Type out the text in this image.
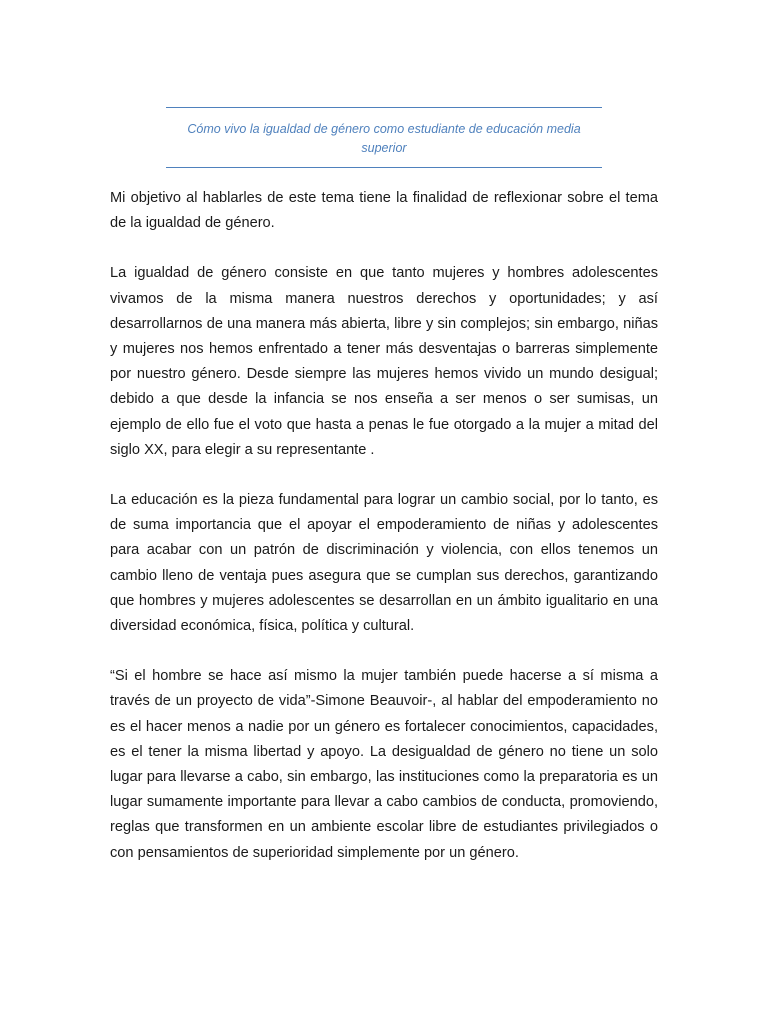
Cómo vivo la igualdad de género como estudiante de educación media superior

Mi objetivo al hablarles de este tema tiene la finalidad de reflexionar sobre el tema de la igualdad de género.

La igualdad de género consiste en que tanto mujeres y hombres adolescentes vivamos de la misma manera nuestros derechos y oportunidades; y así desarrollarnos de una manera más abierta, libre y sin complejos; sin embargo, niñas y mujeres nos hemos enfrentado a tener más desventajas o barreras simplemente por nuestro género. Desde siempre las mujeres hemos vivido un mundo desigual; debido a que desde la infancia se nos enseña a ser menos o ser sumisas, un ejemplo de ello fue el voto que hasta a penas le fue otorgado a la mujer a mitad del siglo XX, para elegir a su representante .

La educación es la pieza fundamental para lograr un cambio social, por lo tanto, es de suma importancia que el apoyar el empoderamiento de niñas y adolescentes para acabar con un patrón de discriminación y violencia, con ellos tenemos un cambio lleno de ventaja pues asegura que se cumplan sus derechos, garantizando que hombres y mujeres adolescentes se desarrollan en un ámbito igualitario en una diversidad económica, física, política y cultural.

“Si el hombre se hace así mismo la mujer también puede hacerse a sí misma a través de un proyecto de vida”-Simone Beauvoir-, al hablar del empoderamiento no es el hacer menos a nadie por un género es fortalecer conocimientos, capacidades, es el tener la misma libertad y apoyo. La desigualdad de género no tiene un solo lugar para llevarse a cabo, sin embargo, las instituciones como la preparatoria es un lugar sumamente importante para llevar a cabo cambios de conducta, promoviendo, reglas que transformen en un ambiente escolar libre de estudiantes privilegiados o con pensamientos de superioridad simplemente por un género.
